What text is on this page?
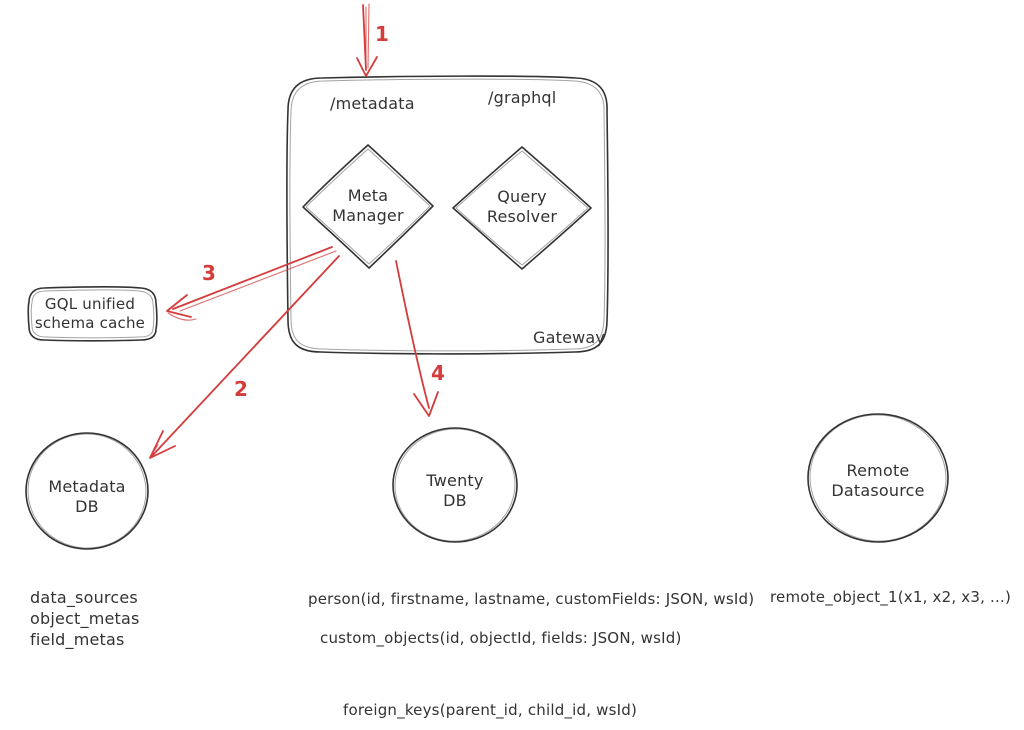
1
3
2
4
/metadata	/graphql
Gateway
Meta
Manager
Query
Resolver
GQL unified
schema cache
Metadata
DB
Twenty
DB
Remote
Datasource
data_sources
object_metas
field_metas
person(id, firstname, lastname, customFields: JSON, wsId)
custom_objects(id, objectId, fields: JSON, wsId)
foreign_keys(parent_id, child_id, wsId)
remote_object_1(x1, x2, x3, ...)
